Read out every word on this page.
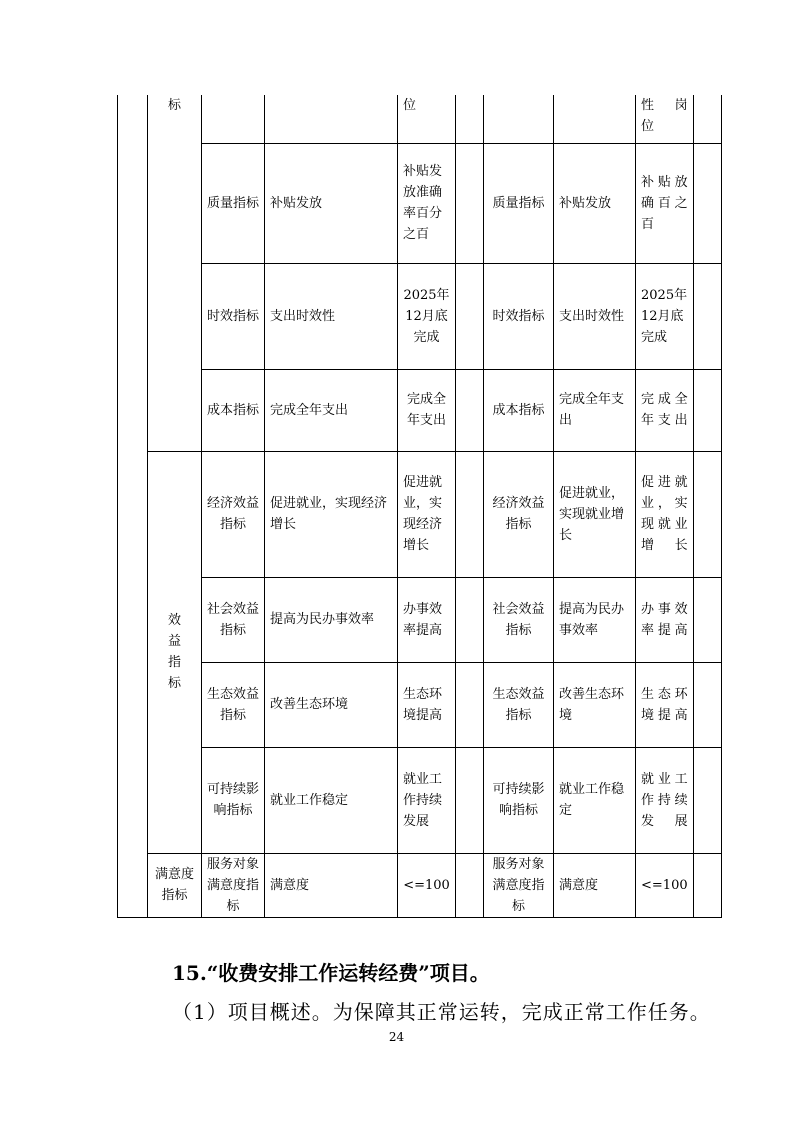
	标			位				性 岗 位	
		质量指标	补贴发放	补贴发放准确率百分之百		质量指标	补贴发放	补贴放确百之百	
		时效指标	支出时效性	2025年12月底完成		时效指标	支出时效性	2025年12月底完成	
		成本指标	完成全年支出	完成全年支出		成本指标	完成全年支出	完成全年支出	
	效益指标	经济效益指标	促进就业，实现经济增长	促进就业，实现经济增长		经济效益指标	促进就业，实现就业增长	促进就业，实现就业增长	
		社会效益指标	提高为民办事效率	办事效率提高		社会效益指标	提高为民办事效率	办事效率提高	
		生态效益指标	改善生态环境	生态环境提高		生态效益指标	改善生态环境	生态环境提高	
		可持续影响指标	就业工作稳定	就业工作持续发展		可持续影响指标	就业工作稳定	就业工作持续发展	
	满意度指标	服务对象满意度指标	满意度	<=100		服务对象满意度指标	满意度	<=100	
15.“收费安排工作运转经费”项目。
（1）项目概述。为保障其正常运转，完成正常工作任务。
24
